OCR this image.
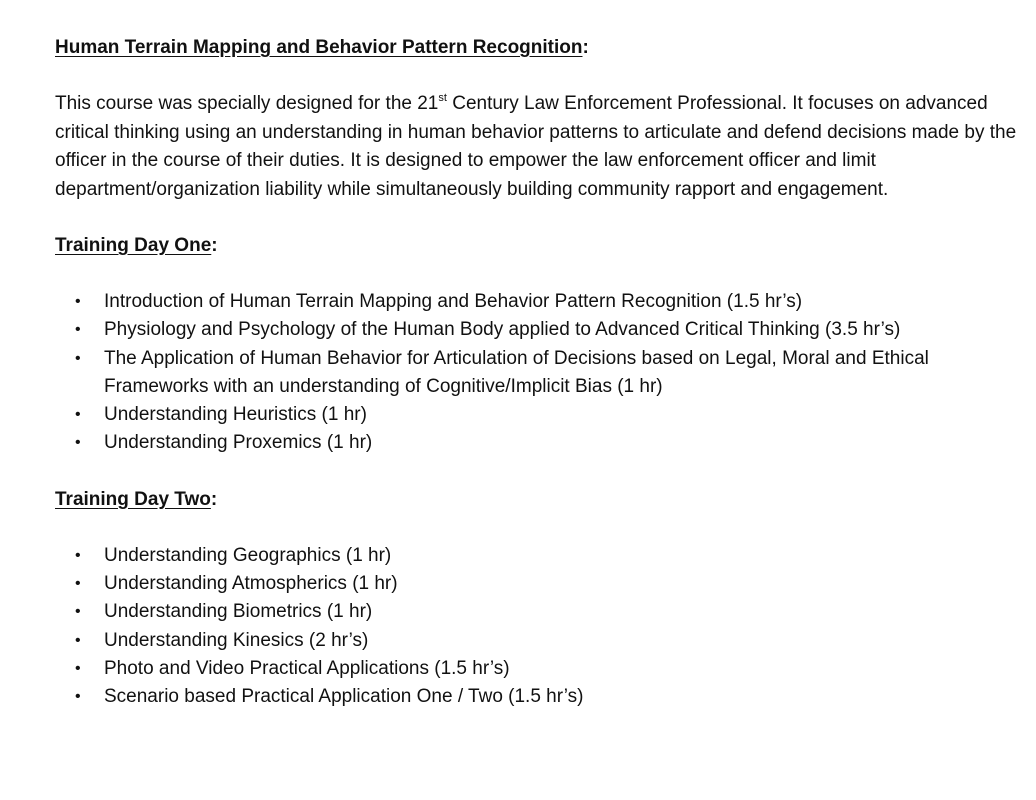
Human Terrain Mapping and Behavior Pattern Recognition:

This course was specially designed for the 21st Century Law Enforcement Professional. It focuses on advanced critical thinking using an understanding in human behavior patterns to articulate and defend decisions made by the officer in the course of their duties. It is designed to empower the law enforcement officer and limit department/organization liability while simultaneously building community rapport and engagement.

Training Day One:

• Introduction of Human Terrain Mapping and Behavior Pattern Recognition (1.5 hr’s)
• Physiology and Psychology of the Human Body applied to Advanced Critical Thinking (3.5 hr’s)
• The Application of Human Behavior for Articulation of Decisions based on Legal, Moral and Ethical Frameworks with an understanding of Cognitive/Implicit Bias (1 hr)
• Understanding Heuristics (1 hr)
• Understanding Proxemics (1 hr)

Training Day Two:

• Understanding Geographics (1 hr)
• Understanding Atmospherics (1 hr)
• Understanding Biometrics (1 hr)
• Understanding Kinesics (2 hr’s)
• Photo and Video Practical Applications (1.5 hr’s)
• Scenario based Practical Application One / Two (1.5 hr’s)
